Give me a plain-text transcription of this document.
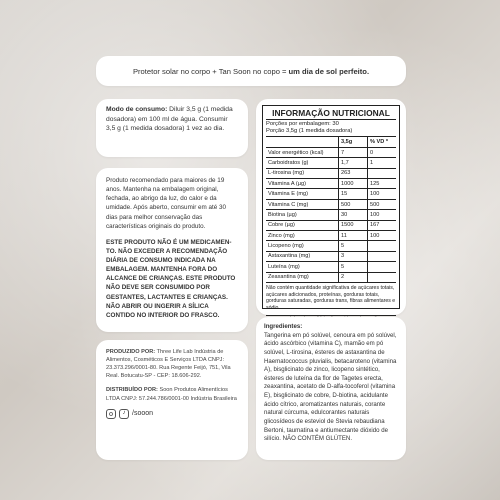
Protetor solar no corpo + Tan Soon no copo = um dia de sol perfeito.
Modo de consumo: Diluir 3,5 g (1 medida dosadora) em 100 ml de água. Consumir 3,5 g (1 medida dosadora) 1 vez ao dia.

Produto recomendado para maiores de 19 anos. Mantenha na embalagem original, fechada, ao abrigo da luz, do calor e da umidade. Após aberto, consumir em até 30 dias para melhor conservação das características originais do produto.

ESTE PRODUTO NÃO É UM MEDICAMEN-TO. NÃO EXCEDER A RECOMENDAÇÃO DIÁRIA DE CONSUMO INDICADA NA EMBALAGEM. MANTENHA FORA DO ALCANCE DE CRIANÇAS. ESTE PRODUTO NÃO DEVE SER CONSUMIDO POR GESTANTES, LACTANTES E CRIANÇAS. NÃO ABRIR OU INGERIR A SÍLICA CONTIDO NO INTERIOR DO FRASCO.

PRODUZIDO POR: Three Life Lab Indústria de Alimentos, Cosméticos E Serviços LTDA CNPJ: 23.373.296/0001-80. Rua Regente Feijó, 751, Vila Real. Botucatu-SP - CEP: 18.606-292.

DISTRIBUÍDO POR: Soon Produtos Alimentícios LTDA CNPJ: 57.244.786/0001-00 Indústria Brasileira

♪ /sooon
INFORMAÇÃO NUTRICIONAL
Porções por embalagem: 30
Porção 3,5g (1 medida dosadora)
	3,5g	% VD *
Valor energético (kcal)	7	0
Carboidratos (g)	1,7	1
L-tirosina (mg)	263	
Vitamina A (µg)	1000	125
Vitamina E (mg)	15	100
Vitamina C (mg)	500	500
Biotina (µg)	30	100
Cobre (µg)	1500	167
Zinco (mg)	11	100
Licopeno (mg)	5	
Astaxantina (mg)	3	
Luteína (mg)	5	
Zeaxantina (mg)	2	
Não contém quantidade significativa de açúcares totais, açúcares adicionados, proteínas, gorduras totais, gorduras saturadas, gorduras trans, fibras alimentares e sódio.
Ingredientes:
Tangerina em pó solúvel, cenoura em pó solúvel, ácido ascórbico (vitamina C), mamão em pó solúvel, L-tirosina, ésteres de astaxantina de Haematococcus pluvialis, betacaroteno (vitamina A), bisglicinato de zinco, licopeno sintético, ésteres de luteína da flor de Tagetes erecta, zeaxantina, acetato de D-alfa-tocoferol (vitamina E), bisglicinato de cobre, D-biotina, acidulante ácido cítrico, aromatizantes naturais, corante natural cúrcuma, edulcorantes naturais glicosídeos de esteviol de Stevia rebaudiana Bertoni, taumatina e antiumectante dióxido de silício. NÃO CONTÉM GLÚTEN.
